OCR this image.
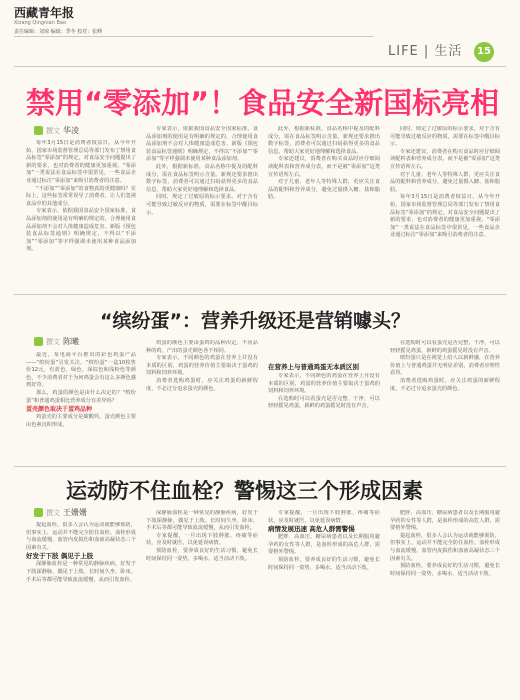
西藏青年报
Xizang Qingnian Bao
责任编辑：刘琼 编辑：季冬 校对：张峰
LIFE | 生活	15
禁用“零添加”！食品安全新国标亮相
撰文 华凌

每年3月15日是消费者权益日。从今年开始，国家市场监督管理总局等部门发布了禁用食品标签“零添加”的规定，对食品安全问题提出了新的要求，也对消费者的健康更加重视。“零添加”一类说法在食品标签中很常见，一些食品企业通过标注“零添加”来吸引消费者的注意。

“不添加”“零添加”的食物真的更健康吗？实际上，这些标签常常误导了消费者，让人们忽视食品中的其他成分。

专家表示，依据我国食品安全国家标准，食品添加剂的使用是有明确的规定的，合理使用食品添加剂不会对人体健康造成危害。新版《预包装食品标签通则》明确规定，不得以“不添加”“零添加”等字样强调未使用某种食品添加剂。

专家表示，依据我国食品安全国家标准，食品添加剂的使用是有明确的规定的，合理使用食品添加剂不会对人体健康造成危害。新版《预包装食品标签通则》明确规定，不得以“不添加”“零添加”等字样强调未使用某种食品添加剂。

此外，根据新标准，食品名称中提及的配料成分，需在食品标签明示含量。新规还要求推出数字标签，消费者可以通过扫码获得更多的食品信息，帮助大家更好地理解和选择食品。

同时，规定了过敏原的标示要求。对于含有可能导致过敏反应的物质，需要在标签中醒目标示。

此外，根据新标准，食品名称中提及的配料成分，需在食品标签明示含量。新规还要求推出数字标签，消费者可以通过扫码获得更多的食品信息，帮助大家更好地理解和选择食品。

专家还建议，消费者在购买食品时应仔细阅读配料表和营养成分表，而不是被“零添加”这类宣传语所左右。

对于儿童、老年人等特殊人群，更应关注食品的配料和营养成分，避免过量摄入糖、盐和脂肪。

同时，规定了过敏原的标示要求。对于含有可能导致过敏反应的物质，需要在标签中醒目标示。

专家还建议，消费者在购买食品时应仔细阅读配料表和营养成分表，而不是被“零添加”这类宣传语所左右。

对于儿童、老年人等特殊人群，更应关注食品的配料和营养成分，避免过量摄入糖、盐和脂肪。

每年3月15日是消费者权益日。从今年开始，国家市场监督管理总局等部门发布了禁用食品标签“零添加”的规定，对食品安全问题提出了新的要求，也对消费者的健康更加重视。“零添加”一类说法在食品标签中很常见，一些食品企业通过标注“零添加”来吸引消费者的注意。

“缤纷蛋”：营养升级还是营销噱头？
撰文 陈曦

最近，某电商平台推出的彩色鸡蛋产品——“缤纷蛋”引发关注。“缤纷蛋”一盒10枚售价12元，有蓝色、绿色、深棕色和浅粉色等颜色，不少消费者对于为何鸡蛋会有这么多颜色感到好奇。

那么，鸡蛋的颜色是由什么决定的？“缤纷蛋”和普通鸡蛋相比营养成分有差异吗？

蛋壳颜色取决于蛋鸡品种

鸡蛋壳的主要成分是碳酸钙，蛋壳颜色主要由色素沉积形成。

鸡蛋的颜色主要由蛋鸡的品种决定，不同品种的鸡，产出的蛋壳颜色各不相同。

专家表示，不同颜色的鸡蛋在营养上并没有本质的区别，鸡蛋的营养价值主要取决于蛋鸡的饲料和饲养环境。

消费者选购鸡蛋时，应关注鸡蛋的新鲜程度，不必过分追求蛋壳的颜色。

在营养上与普通鸡蛋无本质区别

专家表示，不同颜色的鸡蛋在营养上并没有本质的区别，鸡蛋的营养价值主要取决于蛋鸡的饲料和饲养环境。

在选购时可以看蛋壳是否完整、干净，可以轻轻摇晃鸡蛋，新鲜的鸡蛋摇晃时没有声音。

在选购时可以看蛋壳是否完整、干净，可以轻轻摇晃鸡蛋，新鲜的鸡蛋摇晃时没有声音。

缤纷蛋只是在视觉上给人以新鲜感，在营养价值上与普通鸡蛋并无明显差别，消费者应理性看待。

消费者选购鸡蛋时，应关注鸡蛋的新鲜程度，不必过分追求蛋壳的颜色。

运动防不住血栓？警惕这三个形成因素
撰文 王姗姗

提起血栓，很多人会认为运动就能够预防，但事实上，运动并不能完全防住血栓。血栓形成与血流缓慢、血管内皮损伤和血液高凝状态三个因素有关。

好发于下肢 偶见于上肢

深静脉血栓是一种常见的静脉疾病，好发于下肢深静脉，偶见于上肢。长时间久坐、卧床、手术后等都可能导致血流缓慢，从而引发血栓。

深静脉血栓是一种常见的静脉疾病，好发于下肢深静脉，偶见于上肢。长时间久坐、卧床、手术后等都可能导致血流缓慢，从而引发血栓。

专家提醒，一旦出现下肢肿胀、疼痛等症状，应及时就医，以免延误病情。

预防血栓，要养成良好的生活习惯，避免长时间保持同一姿势，多喝水，适当活动下肢。

专家提醒，一旦出现下肢肿胀、疼痛等症状，应及时就医，以免延误病情。

病情发展迅速 高危人群需警惕

肥胖、高血压、糖尿病患者以及长期服用避孕药的女性等人群，是血栓形成的高危人群，需要格外警惕。

预防血栓，要养成良好的生活习惯，避免长时间保持同一姿势，多喝水，适当活动下肢。

肥胖、高血压、糖尿病患者以及长期服用避孕药的女性等人群，是血栓形成的高危人群，需要格外警惕。

提起血栓，很多人会认为运动就能够预防，但事实上，运动并不能完全防住血栓。血栓形成与血流缓慢、血管内皮损伤和血液高凝状态三个因素有关。

预防血栓，要养成良好的生活习惯，避免长时间保持同一姿势，多喝水，适当活动下肢。
